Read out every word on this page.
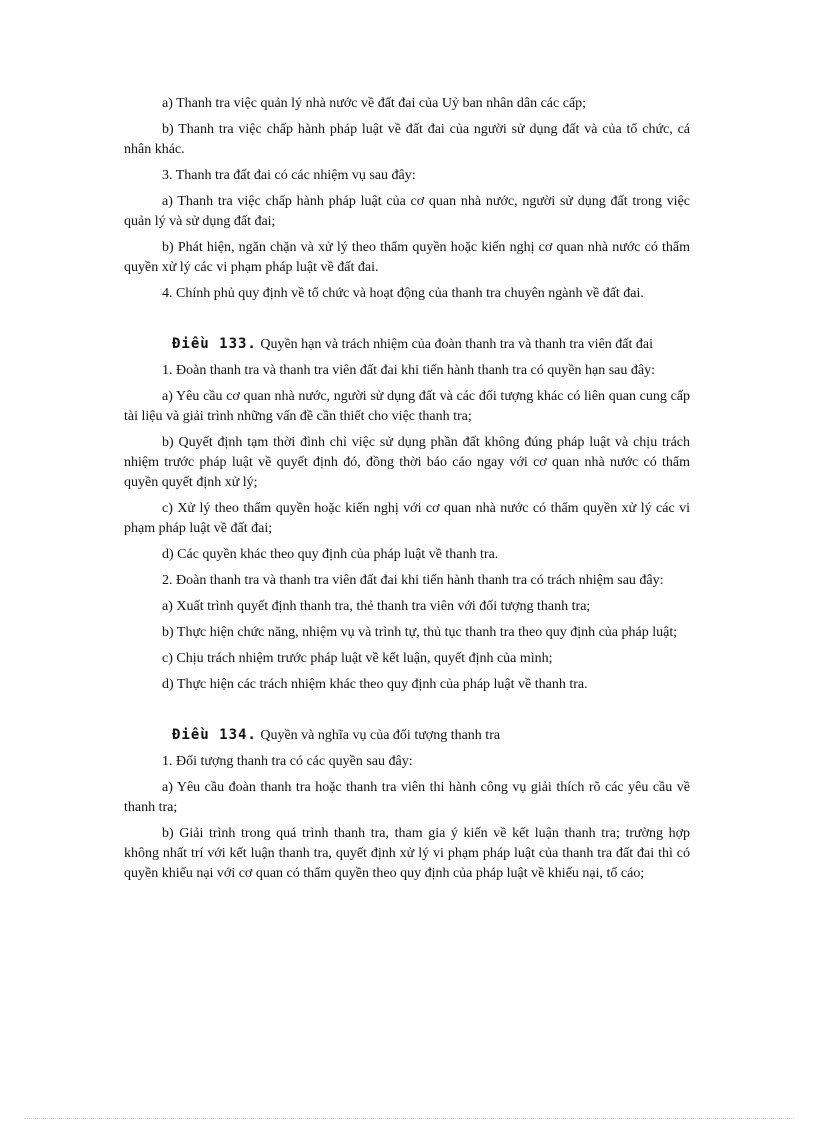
a) Thanh tra việc quản lý nhà nước về đất đai của Uỷ ban nhân dân các cấp;

b) Thanh tra việc chấp hành pháp luật về đất đai của người sử dụng đất và của tổ chức, cá nhân khác.

3. Thanh tra đất đai có các nhiệm vụ sau đây:

a) Thanh tra việc chấp hành pháp luật của cơ quan nhà nước, người sử dụng đất trong việc quản lý và sử dụng đất đai;

b) Phát hiện, ngăn chặn và xử lý theo thẩm quyền hoặc kiến nghị cơ quan nhà nước có thẩm quyền xử lý các vi phạm pháp luật về đất đai.

4. Chính phủ quy định về tổ chức và hoạt động của thanh tra chuyên ngành về đất đai.

Điều 133. Quyền hạn và trách nhiệm của đoàn thanh tra và thanh tra viên đất đai

1. Đoàn thanh tra và thanh tra viên đất đai khi tiến hành thanh tra có quyền hạn sau đây:

a) Yêu cầu cơ quan nhà nước, người sử dụng đất và các đối tượng khác có liên quan cung cấp tài liệu và giải trình những vấn đề cần thiết cho việc thanh tra;

b) Quyết định tạm thời đình chỉ việc sử dụng phần đất không đúng pháp luật và chịu trách nhiệm trước pháp luật về quyết định đó, đồng thời báo cáo ngay với cơ quan nhà nước có thẩm quyền quyết định xử lý;

c) Xử lý theo thẩm quyền hoặc kiến nghị với cơ quan nhà nước có thẩm quyền xử lý các vi phạm pháp luật về đất đai;

d) Các quyền khác theo quy định của pháp luật về thanh tra.

2. Đoàn thanh tra và thanh tra viên đất đai khi tiến hành thanh tra có trách nhiệm sau đây:

a) Xuất trình quyết định thanh tra, thẻ thanh tra viên với đối tượng thanh tra;

b) Thực hiện chức năng, nhiệm vụ và trình tự, thủ tục thanh tra theo quy định của pháp luật;

c) Chịu trách nhiệm trước pháp luật về kết luận, quyết định của mình;

d) Thực hiện các trách nhiệm khác theo quy định của pháp luật về thanh tra.

Điều 134. Quyền và nghĩa vụ của đối tượng thanh tra

1. Đối tượng thanh tra có các quyền sau đây:

a) Yêu cầu đoàn thanh tra hoặc thanh tra viên thi hành công vụ giải thích rõ các yêu cầu về thanh tra;

b) Giải trình trong quá trình thanh tra, tham gia ý kiến về kết luận thanh tra; trường hợp không nhất trí với kết luận thanh tra, quyết định xử lý vi phạm pháp luật của thanh tra đất đai thì có quyền khiếu nại với cơ quan có thẩm quyền theo quy định của pháp luật về khiếu nại, tố cáo;
